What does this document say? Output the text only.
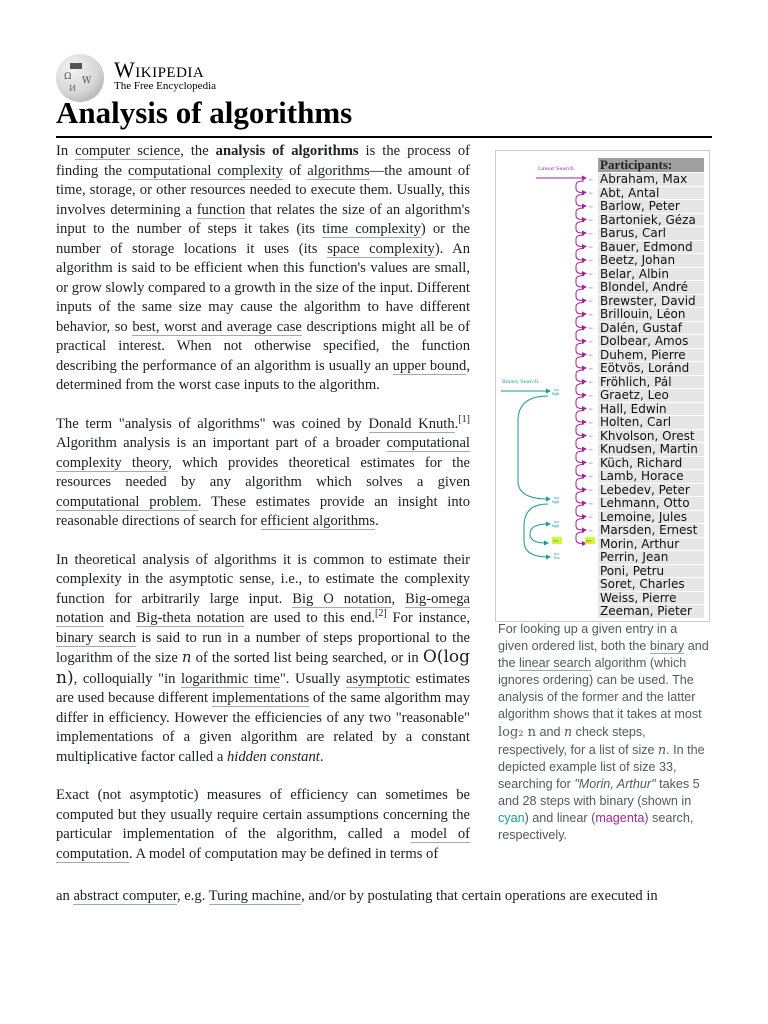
Ω W
И
Wikipedia
The Free Encyclopedia
Analysis of algorithms

In computer science, the analysis of algorithms is the process of finding the computational complexity of algorithms—the amount of time, storage, or other resources needed to execute them. Usually, this involves determining a function that relates the size of an algorithm's input to the number of steps it takes (its time complexity) or the number of storage locations it uses (its space complexity). An algorithm is said to be efficient when this function's values are small, or grow slowly compared to a growth in the size of the input. Different inputs of the same size may cause the algorithm to have different behavior, so best, worst and average case descriptions might all be of practical interest. When not otherwise specified, the function describing the performance of an algorithm is usually an upper bound, determined from the worst case inputs to the algorithm.

The term "analysis of algorithms" was coined by Donald Knuth.[1] Algorithm analysis is an important part of a broader computational complexity theory, which provides theoretical estimates for the resources needed by any algorithm which solves a given computational problem. These estimates provide an insight into reasonable directions of search for efficient algorithms.

In theoretical analysis of algorithms it is common to estimate their complexity in the asymptotic sense, i.e., to estimate the complexity function for arbitrarily large input. Big O notation, Big-omega notation and Big-theta notation are used to this end.[2] For instance, binary search is said to run in a number of steps proportional to the logarithm of the size n of the sorted list being searched, or in O(log n), colloquially "in logarithmic time". Usually asymptotic estimates are used because different implementations of the same algorithm may differ in efficiency. However the efficiencies of any two "reasonable" implementations of a given algorithm are related by a constant multiplicative factor called a hidden constant.

Exact (not asymptotic) measures of efficiency can sometimes be computed but they usually require certain assumptions concerning the particular implementation of the algorithm, called a model of computation. A model of computation may be defined in terms of

an abstract computer, e.g. Turing machine, and/or by postulating that certain operations are executed in
Linear Search
no
no
no
no
no
no
no
no
no
no
no
no
no
no
no
no
no
no
no
no
no
no
no
no
no
no
no
Binary Search
too
high
too
high
too
low
too
high
yes	yes
Participants:
Abraham, Max
Abt, Antal
Barlow, Peter
Bartoniek, Géza
Barus, Carl
Bauer, Edmond
Beetz, Johan
Belar, Albin
Blondel, André
Brewster, David
Brillouin, Léon
Dalén, Gustaf
Dolbear, Amos
Duhem, Pierre
Eötvös, Loránd
Fröhlich, Pál
Graetz, Leo
Hall, Edwin
Holten, Carl
Khvolson, Orest
Knudsen, Martin
Küch, Richard
Lamb, Horace
Lebedev, Peter
Lehmann, Otto
Lemoine, Jules
Marsden, Ernest
Morin, Arthur
Perrin, Jean
Poni, Petru
Soret, Charles
Weiss, Pierre
Zeeman, Pieter
For looking up a given entry in a given ordered list, both the binary and the linear search algorithm (which ignores ordering) can be used. The analysis of the former and the latter algorithm shows that it takes at most log₂ n and n check steps, respectively, for a list of size n. In the depicted example list of size 33, searching for "Morin, Arthur" takes 5 and 28 steps with binary (shown in cyan) and linear (magenta) search, respectively.
